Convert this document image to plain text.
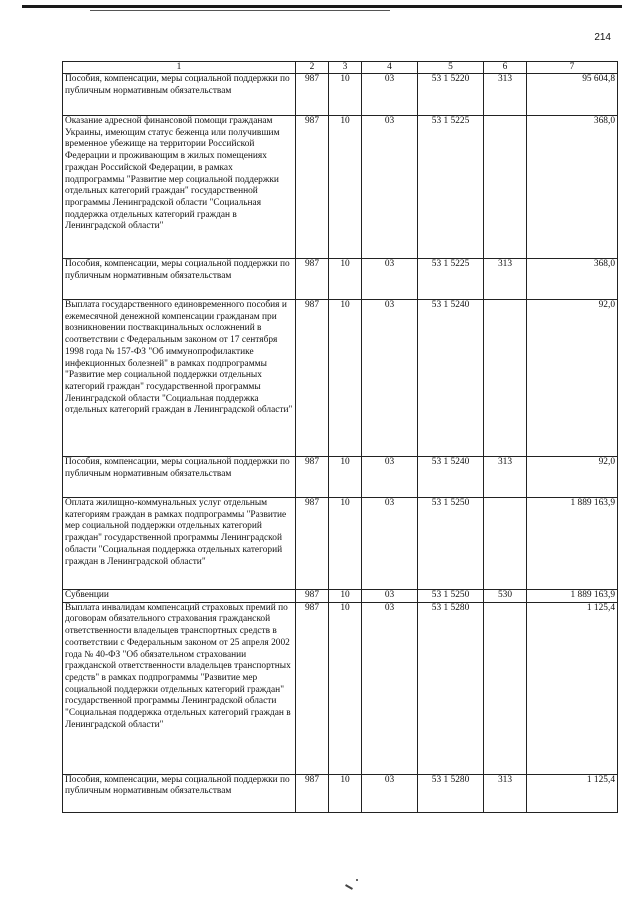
214
1	2	3	4	5	6	7
Пособия, компенсации, меры социальной поддержки по публичным нормативным обязательствам	987	10	03	53 1 5220	313	95 604,8
Оказание адресной финансовой помощи гражданам Украины, имеющим статус беженца или получившим временное убежище на территории Российской Федерации и проживающим в жилых помещениях граждан Российской Федерации, в рамках подпрограммы "Развитие мер социальной поддержки отдельных категорий граждан" государственной программы Ленинградской области "Социальная поддержка отдельных категорий граждан в Ленинградской области"	987	10	03	53 1 5225		368,0
Пособия, компенсации, меры социальной поддержки по публичным нормативным обязательствам	987	10	03	53 1 5225	313	368,0
Выплата государственного единовременного пособия и ежемесячной денежной компенсации гражданам при возникновении поствакцинальных осложнений в соответствии с Федеральным законом от 17 сентября 1998 года № 157-ФЗ "Об иммунопрофилактике инфекционных болезней" в рамках подпрограммы "Развитие мер социальной поддержки отдельных категорий граждан" государственной программы Ленинградской области "Социальная поддержка отдельных категорий граждан в Ленинградской области"	987	10	03	53 1 5240		92,0
Пособия, компенсации, меры социальной поддержки по публичным нормативным обязательствам	987	10	03	53 1 5240	313	92,0
Оплата жилищно-коммунальных услуг отдельным категориям граждан в рамках подпрограммы "Развитие мер социальной поддержки отдельных категорий граждан" государственной программы Ленинградской области "Социальная поддержка отдельных категорий граждан в Ленинградской области"	987	10	03	53 1 5250		1 889 163,9
Субвенции	987	10	03	53 1 5250	530	1 889 163,9
Выплата инвалидам компенсаций страховых премий по договорам обязательного страхования гражданской ответственности владельцев транспортных средств в соответствии с Федеральным законом от 25 апреля 2002 года № 40-ФЗ "Об обязательном страховании гражданской ответственности владельцев транспортных средств" в рамках подпрограммы "Развитие мер социальной поддержки отдельных категорий граждан" государственной программы Ленинградской области "Социальная поддержка отдельных категорий граждан в Ленинградской области"	987	10	03	53 1 5280		1 125,4
Пособия, компенсации, меры социальной поддержки по публичным нормативным обязательствам	987	10	03	53 1 5280	313	1 125,4
